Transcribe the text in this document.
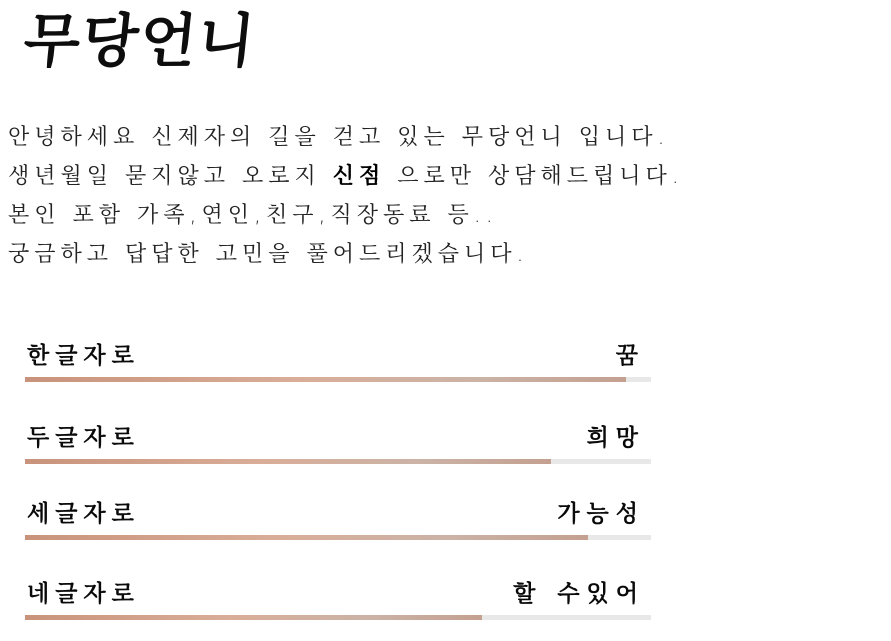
무당언니
안녕하세요 신제자의 길을 걷고 있는 무당언니 입니다.
생년월일 묻지않고 오로지 신점 으로만 상담해드립니다.
본인 포함 가족,연인,친구,직장동료 등..
궁금하고 답답한 고민을 풀어드리겠습니다.
한글자로	꿈
두글자로	희망
세글자로	가능성
네글자로	할 수있어
